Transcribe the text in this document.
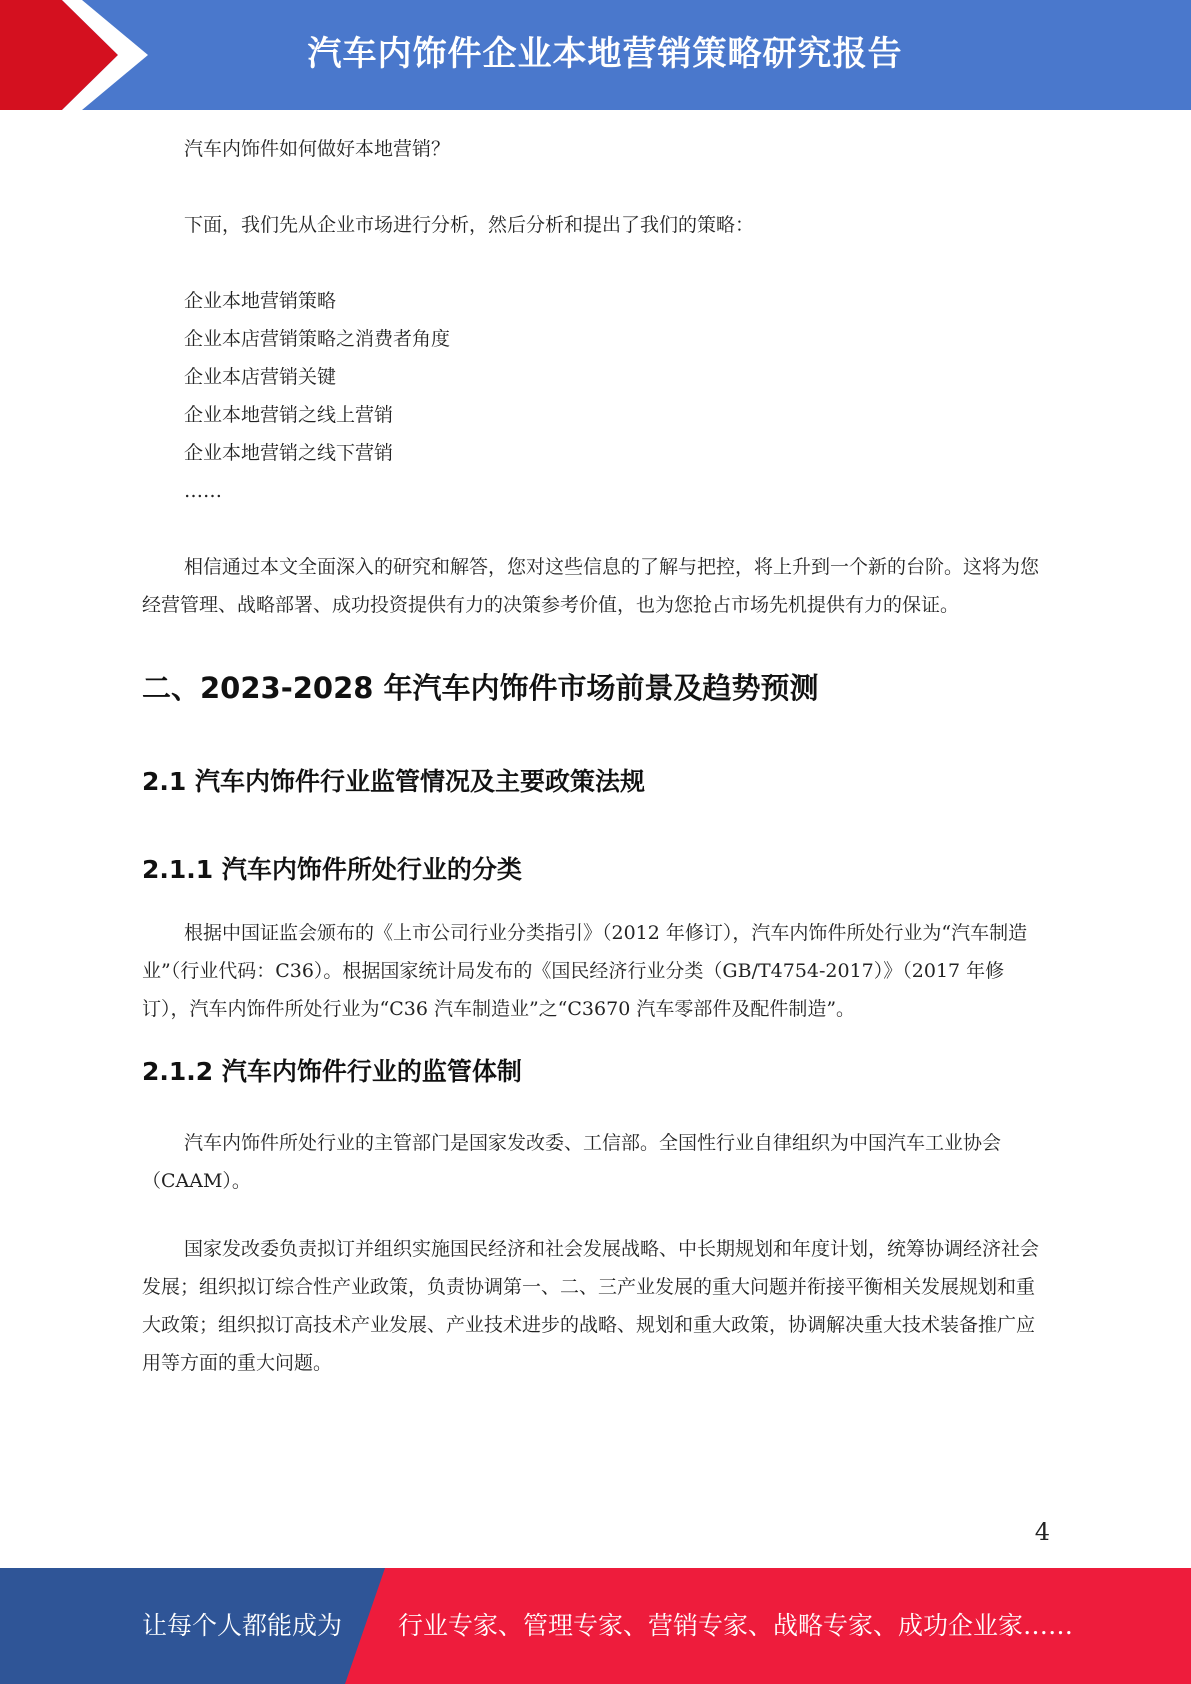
汽车内饰件企业本地营销策略研究报告

汽车内饰件如何做好本地营销？

下面，我们先从企业市场进行分析，然后分析和提出了我们的策略：

企业本地营销策略
企业本店营销策略之消费者角度
企业本店营销关键
企业本地营销之线上营销
企业本地营销之线下营销
……

相信通过本文全面深入的研究和解答，您对这些信息的了解与把控，将上升到一个新的台阶。这将为您经营管理、战略部署、成功投资提供有力的决策参考价值，也为您抢占市场先机提供有力的保证。

二、2023-2028 年汽车内饰件市场前景及趋势预测
2.1 汽车内饰件行业监管情况及主要政策法规
2.1.1 汽车内饰件所处行业的分类

根据中国证监会颁布的《上市公司行业分类指引》（2012 年修订），汽车内饰件所处行业为“汽车制造业”（行业代码：C36）。根据国家统计局发布的《国民经济行业分类（GB/T4754-2017）》（2017 年修订），汽车内饰件所处行业为“C36 汽车制造业”之“C3670 汽车零部件及配件制造”。

2.1.2 汽车内饰件行业的监管体制

汽车内饰件所处行业的主管部门是国家发改委、工信部。全国性行业自律组织为中国汽车工业协会（CAAM）。

国家发改委负责拟订并组织实施国民经济和社会发展战略、中长期规划和年度计划，统筹协调经济社会发展；组织拟订综合性产业政策，负责协调第一、二、三产业发展的重大问题并衔接平衡相关发展规划和重大政策；组织拟订高技术产业发展、产业技术进步的战略、规划和重大政策，协调解决重大技术装备推广应用等方面的重大问题。

4
让每个人都能成为 行业专家、管理专家、营销专家、战略专家、成功企业家……
